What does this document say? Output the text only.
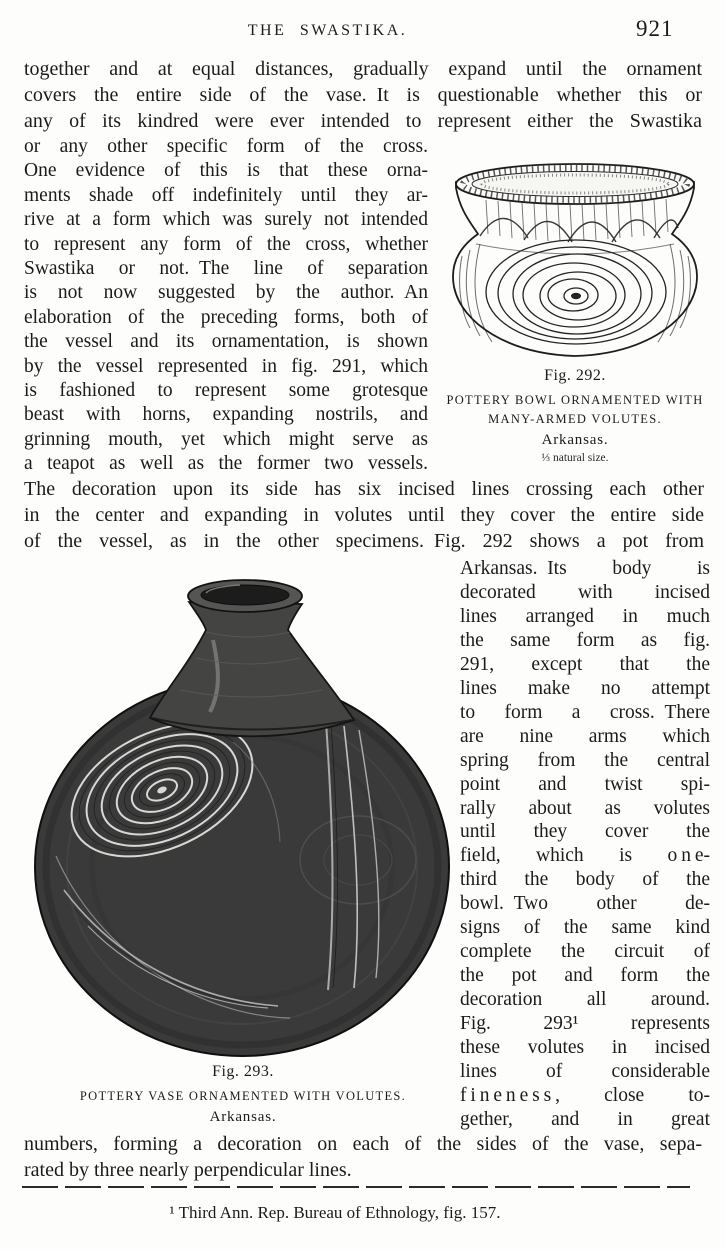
THE SWASTIKA.	921
together and at equal distances, gradually expand until the ornament
covers the entire side of the vase. It is questionable whether this or
any of its kindred were ever intended to represent either the Swastika
or any other specific form of the cross.
One evidence of this is that these orna-
ments shade off indefinitely until they ar-
rive at a form which was surely not intended
to represent any form of the cross, whether
Swastika or not. The line of separation
is not now suggested by the author. An
elaboration of the preceding forms, both of
the vessel and its ornamentation, is shown
by the vessel represented in fig. 291, which
is fashioned to represent some grotesque
beast with horns, expanding nostrils, and
grinning mouth, yet which might serve as
a teapot as well as the former two vessels.
Fig. 292.
POTTERY BOWL ORNAMENTED WITH
MANY-ARMED VOLUTES.
Arkansas.
⅓ natural size.
The decoration upon its side has six incised lines crossing each other
in the center and expanding in volutes until they cover the entire side
of the vessel, as in the other specimens. Fig. 292 shows a pot from
Fig. 293.
POTTERY VASE ORNAMENTED WITH VOLUTES.
Arkansas.
Arkansas. Its body is
decorated with incised
lines arranged in much
the same form as fig.
291, except that the
lines make no attempt
to form a cross. There
are nine arms which
spring from the central
point and twist spi-
rally about as volutes
until they cover the
field, which is o n e-
third the body of the
bowl. Two other de-
signs of the same kind
complete the circuit of
the pot and form the
decoration all around.
Fig. 293¹ represents
these volutes in incised
lines of considerable
f i n e n e s s , close to-
gether, and in great
numbers, forming a decoration on each of the sides of the vase, sepa-
rated by three nearly perpendicular lines.
¹ Third Ann. Rep. Bureau of Ethnology, fig. 157.
